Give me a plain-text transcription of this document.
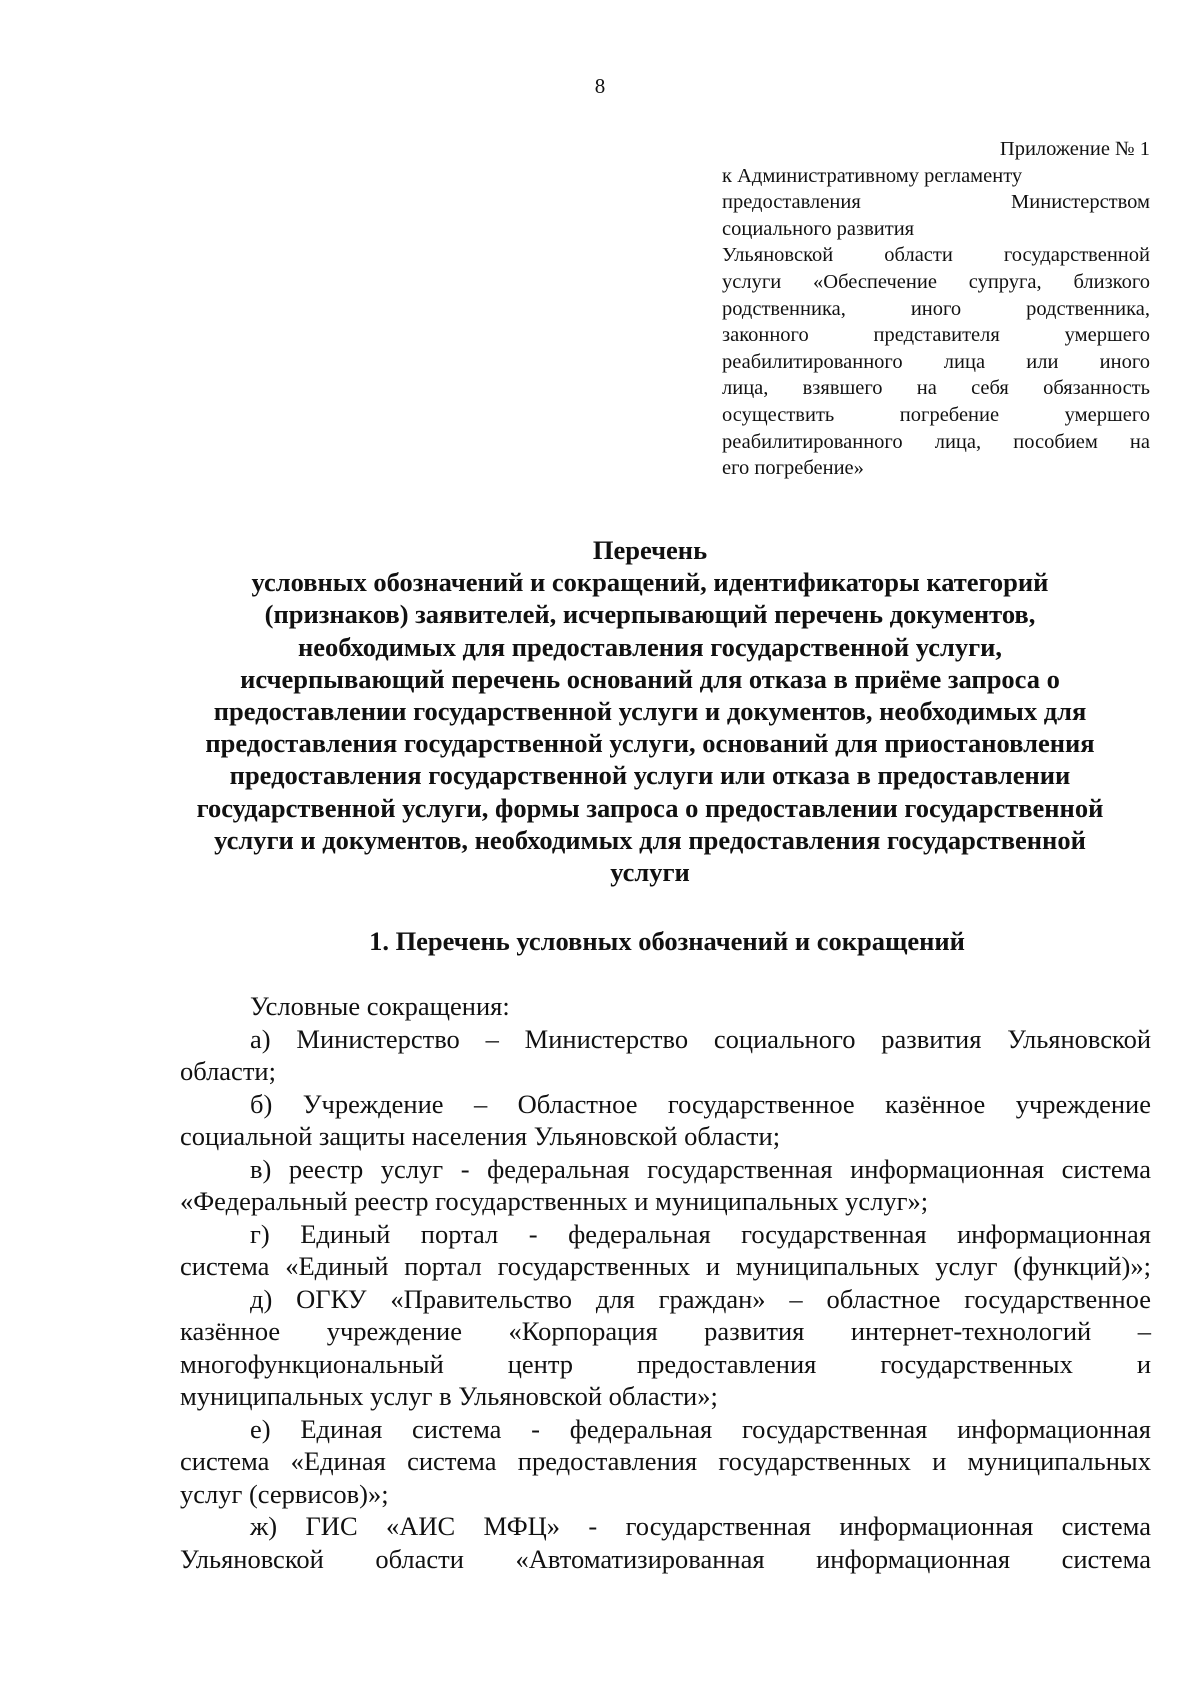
8
Приложение № 1
к Административному регламенту
предоставления Министерством
социального развития
Ульяновской области государственной
услуги «Обеспечение супруга, близкого
родственника, иного родственника,
законного представителя умершего
реабилитированного лица или иного
лица, взявшего на себя обязанность
осуществить погребение умершего
реабилитированного лица, пособием на
его погребение»
Перечень
условных обозначений и сокращений, идентификаторы категорий
(признаков) заявителей, исчерпывающий перечень документов,
необходимых для предоставления государственной услуги,
исчерпывающий перечень оснований для отказа в приёме запроса о
предоставлении государственной услуги и документов, необходимых для
предоставления государственной услуги, оснований для приостановления
предоставления государственной услуги или отказа в предоставлении
государственной услуги, формы запроса о предоставлении государственной
услуги и документов, необходимых для предоставления государственной
услуги
1. Перечень условных обозначений и сокращений
Условные сокращения:
а) Министерство – Министерство социального развития Ульяновской
области;
б) Учреждение – Областное государственное казённое учреждение
социальной защиты населения Ульяновской области;
в) реестр услуг - федеральная государственная информационная система
«Федеральный реестр государственных и муниципальных услуг»;
г) Единый портал - федеральная государственная информационная
система «Единый портал государственных и муниципальных услуг (функций)»;
д) ОГКУ «Правительство для граждан» – областное государственное
казённое учреждение «Корпорация развития интернет-технологий –
многофункциональный центр предоставления государственных и
муниципальных услуг в Ульяновской области»;
е) Единая система - федеральная государственная информационная
система «Единая система предоставления государственных и муниципальных
услуг (сервисов)»;
ж) ГИС «АИС МФЦ» - государственная информационная система
Ульяновской области «Автоматизированная информационная система
